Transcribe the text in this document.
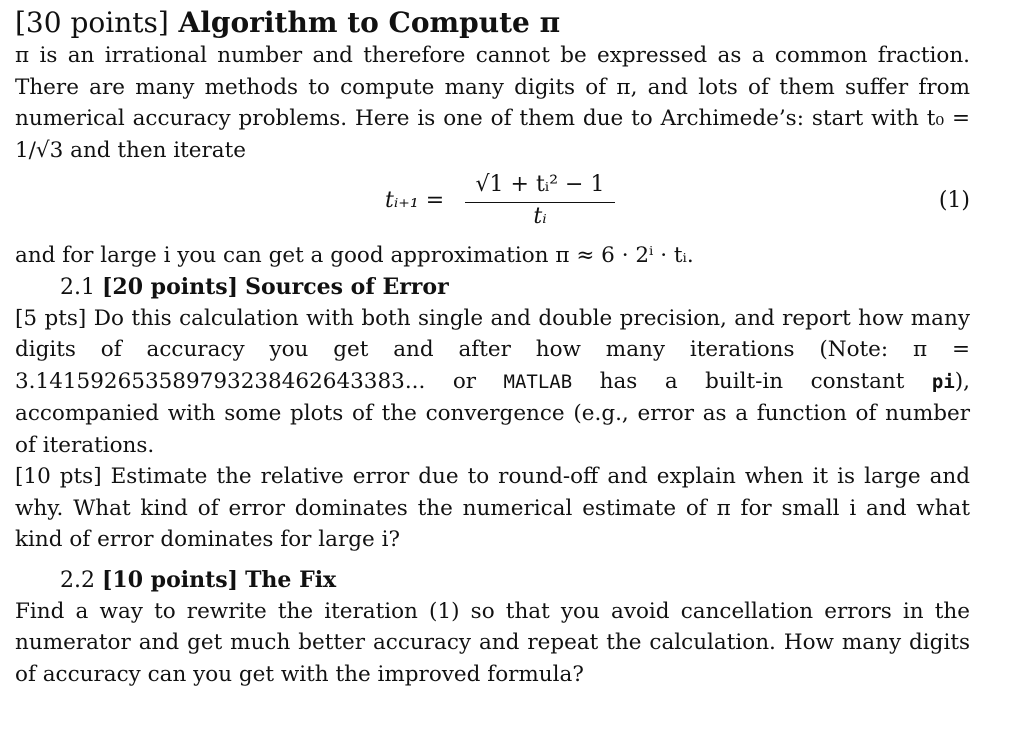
[30 points] Algorithm to Compute π

π is an irrational number and therefore cannot be expressed as a common fraction. There are many methods to compute many digits of π, and lots of them suffer from numerical accuracy problems. Here is one of them due to Archimede’s: start with t₀ = 1/√3 and then iterate

tᵢ₊₁ =
√1 + tᵢ² − 1
tᵢ
(1)

and for large i you can get a good approximation π ≈ 6 · 2ⁱ · tᵢ.

2.1 [20 points] Sources of Error

[5 pts] Do this calculation with both single and double precision, and report how many digits of accuracy you get and after how many iterations (Note: π = 3.141592653589793238462643383... or MATLAB has a built-in constant pi), accompanied with some plots of the convergence (e.g., error as a function of number of iterations.

[10 pts] Estimate the relative error due to round-off and explain when it is large and why. What kind of error dominates the numerical estimate of π for small i and what kind of error dominates for large i?

2.2 [10 points] The Fix

Find a way to rewrite the iteration (1) so that you avoid cancellation errors in the numerator and get much better accuracy and repeat the calculation. How many digits of accuracy can you get with the improved formula?
